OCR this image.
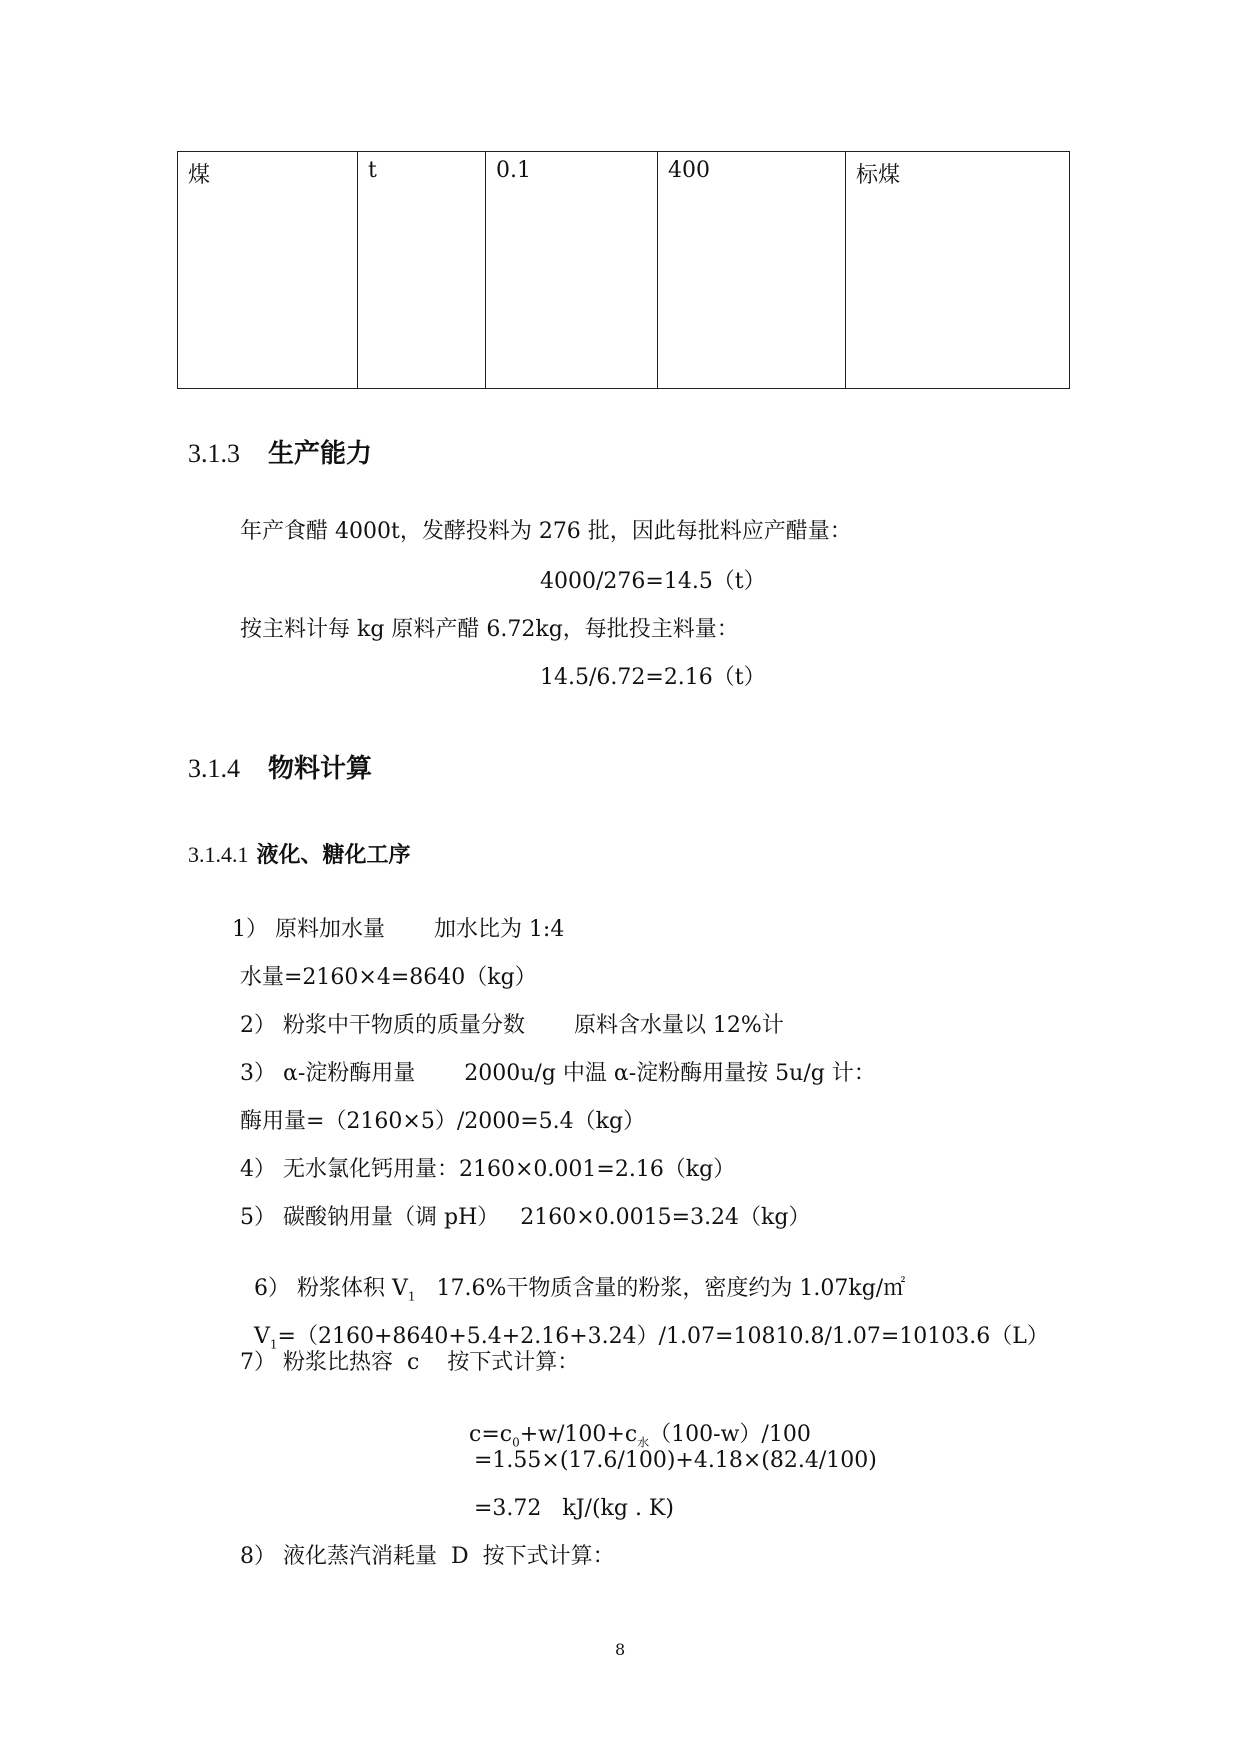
煤	t	0.1	400	标煤
3.1.3 生产能力
年产食醋 4000t，发酵投料为 276 批，因此每批料应产醋量：
4000/276=14.5（t）
按主料计每 kg 原料产醋 6.72kg，每批投主料量：
14.5/6.72=2.16（t）
3.1.4 物料计算
3.1.4.1 液化、糖化工序
1） 原料加水量       加水比为 1:4
水量=2160×4=8640（kg）
2） 粉浆中干物质的质量分数       原料含水量以 12%计
3） α-淀粉酶用量       2000u/g 中温 α-淀粉酶用量按 5u/g 计：
酶用量=（2160×5）/2000=5.4（kg）
4） 无水氯化钙用量：2160×0.001=2.16（kg）
5） 碳酸钠用量（调 pH）   2160×0.0015=3.24（kg）

6） 粉浆体积 $V_1$   17.6%干物质含量的粉浆，密度约为 1.07kg/㎡

$V_1=(2160+8640+5.4+2.16+3.24)/1.07=10810.8/1.07=10103.6(L)$

7） 粉浆比热容  c    按下式计算：

$c=c_0+w/100+c_水(100-w)/100$

=1.55×(17.6/100)+4.18×(82.4/100)
=3.72   kJ/(kg . K)
8） 液化蒸汽消耗量  D  按下式计算：
8
